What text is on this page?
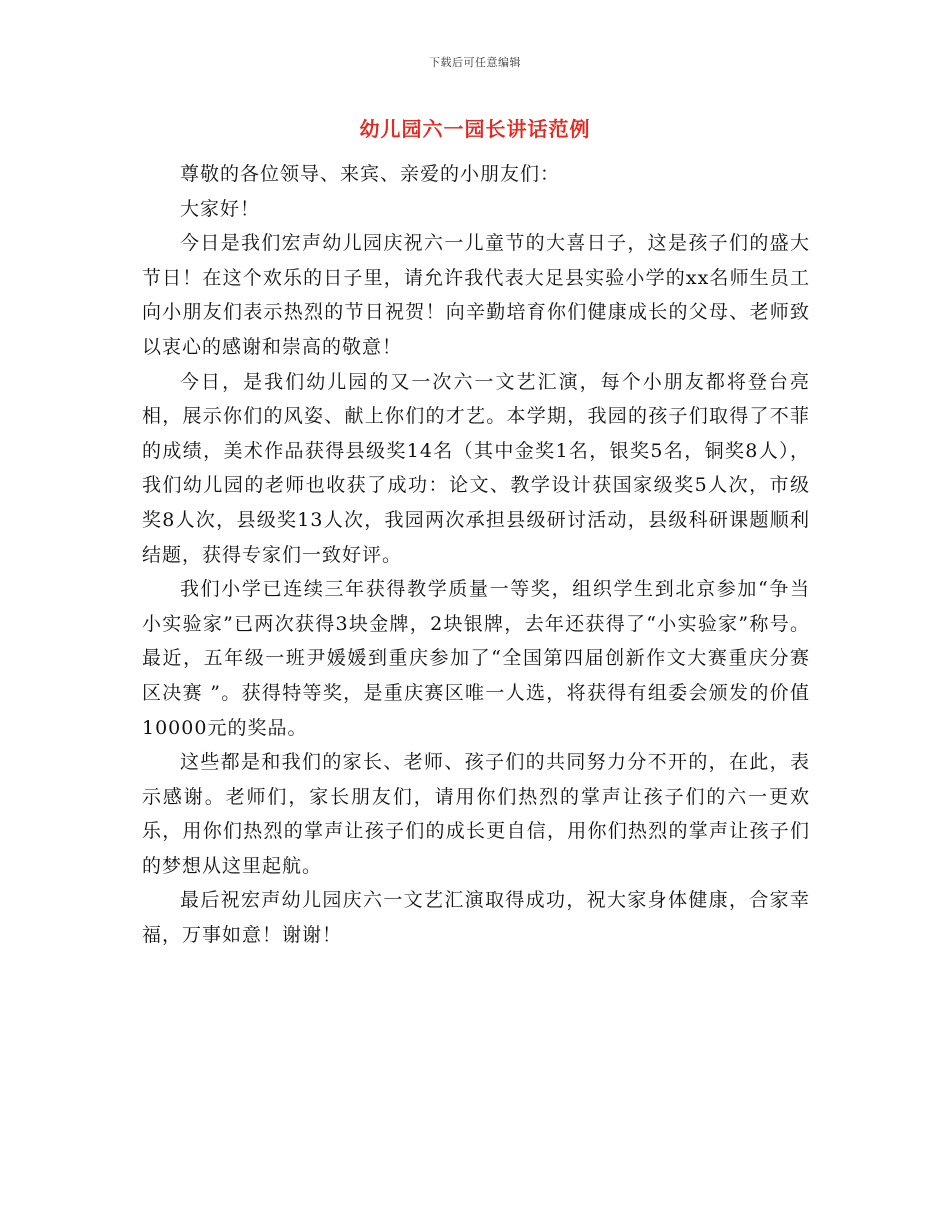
下载后可任意编辑
幼儿园六一园长讲话范例

尊敬的各位领导、来宾、亲爱的小朋友们：

大家好！

今日是我们宏声幼儿园庆祝六一儿童节的大喜日子，这是孩子们的盛大节日！在这个欢乐的日子里，请允许我代表大足县实验小学的xx名师生员工向小朋友们表示热烈的节日祝贺！向辛勤培育你们健康成长的父母、老师致以衷心的感谢和崇高的敬意！

今日，是我们幼儿园的又一次六一文艺汇演，每个小朋友都将登台亮相，展示你们的风姿、献上你们的才艺。本学期，我园的孩子们取得了不菲的成绩，美术作品获得县级奖14名（其中金奖1名，银奖5名，铜奖8人），我们幼儿园的老师也收获了成功：论文、教学设计获国家级奖5人次，市级奖8人次，县级奖13人次，我园两次承担县级研讨活动，县级科研课题顺利结题，获得专家们一致好评。

我们小学已连续三年获得教学质量一等奖，组织学生到北京参加“争当小实验家”已两次获得3块金牌，2块银牌，去年还获得了“小实验家”称号。最近，五年级一班尹媛媛到重庆参加了“全国第四届创新作文大赛重庆分赛区决赛 ”。获得特等奖，是重庆赛区唯一人选，将获得有组委会颁发的价值10000元的奖品。

这些都是和我们的家长、老师、孩子们的共同努力分不开的，在此，表示感谢。老师们，家长朋友们，请用你们热烈的掌声让孩子们的六一更欢乐，用你们热烈的掌声让孩子们的成长更自信，用你们热烈的掌声让孩子们的梦想从这里起航。

最后祝宏声幼儿园庆六一文艺汇演取得成功，祝大家身体健康，合家幸福，万事如意！谢谢！
